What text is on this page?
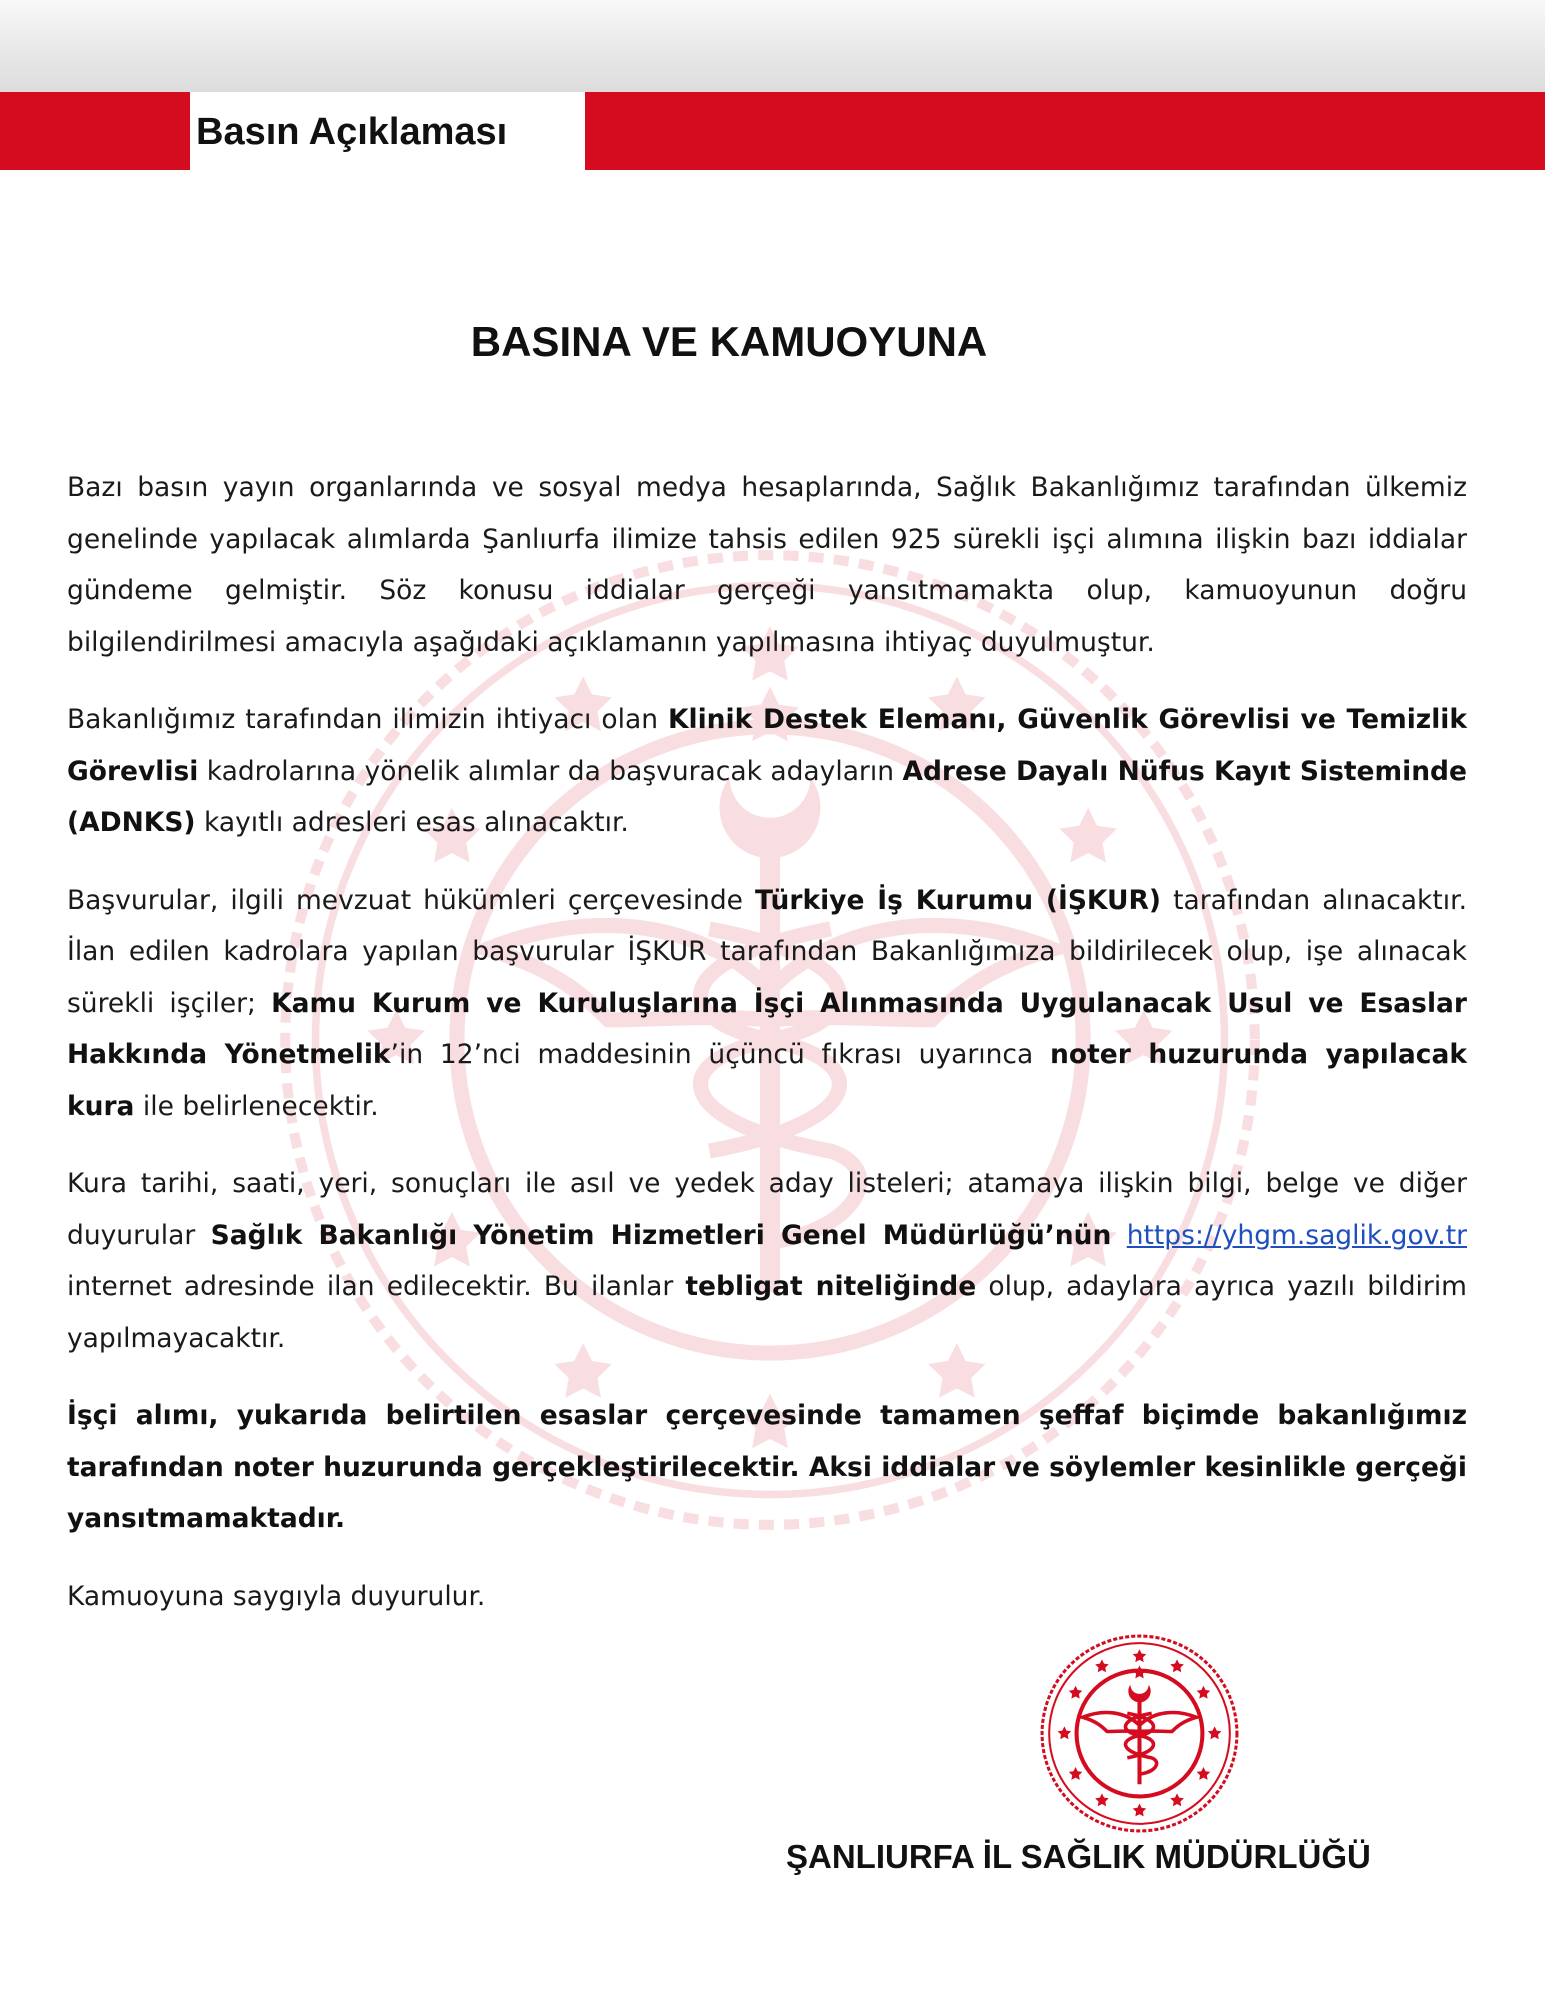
Basın Açıklaması
BASINA VE KAMUOYUNA

Bazı basın yayın organlarında ve sosyal medya hesaplarında, Sağlık Bakanlığımız tarafından ülkemiz genelinde yapılacak alımlarda Şanlıurfa ilimize tahsis edilen 925 sürekli işçi alımına ilişkin bazı iddialar gündeme gelmiştir. Söz konusu iddialar gerçeği yansıtmamakta olup, kamuoyunun doğru bilgilendirilmesi amacıyla aşağıdaki açıklamanın yapılmasına ihtiyaç duyulmuştur.

Bakanlığımız tarafından ilimizin ihtiyacı olan Klinik Destek Elemanı, Güvenlik Görevlisi ve Temizlik Görevlisi kadrolarına yönelik alımlar da başvuracak adayların Adrese Dayalı Nüfus Kayıt Sisteminde (ADNKS) kayıtlı adresleri esas alınacaktır.

Başvurular, ilgili mevzuat hükümleri çerçevesinde Türkiye İş Kurumu (İŞKUR) tarafından alınacaktır. İlan edilen kadrolara yapılan başvurular İŞKUR tarafından Bakanlığımıza bildirilecek olup, işe alınacak sürekli işçiler; Kamu Kurum ve Kuruluşlarına İşçi Alınmasında Uygulanacak Usul ve Esaslar Hakkında Yönetmelik’in 12’nci maddesinin üçüncü fıkrası uyarınca noter huzurunda yapılacak kura ile belirlenecektir.

Kura tarihi, saati, yeri, sonuçları ile asıl ve yedek aday listeleri; atamaya ilişkin bilgi, belge ve diğer duyurular Sağlık Bakanlığı Yönetim Hizmetleri Genel Müdürlüğü’nün https://yhgm.saglik.gov.tr internet adresinde ilan edilecektir. Bu ilanlar tebligat niteliğinde olup, adaylara ayrıca yazılı bildirim yapılmayacaktır.

İşçi alımı, yukarıda belirtilen esaslar çerçevesinde tamamen şeffaf biçimde bakanlığımız tarafından noter huzurunda gerçekleştirilecektir. Aksi iddialar ve söylemler kesinlikle gerçeği yansıtmamaktadır.

Kamuoyuna saygıyla duyurulur.

ŞANLIURFA İL SAĞLIK MÜDÜRLÜĞÜ
